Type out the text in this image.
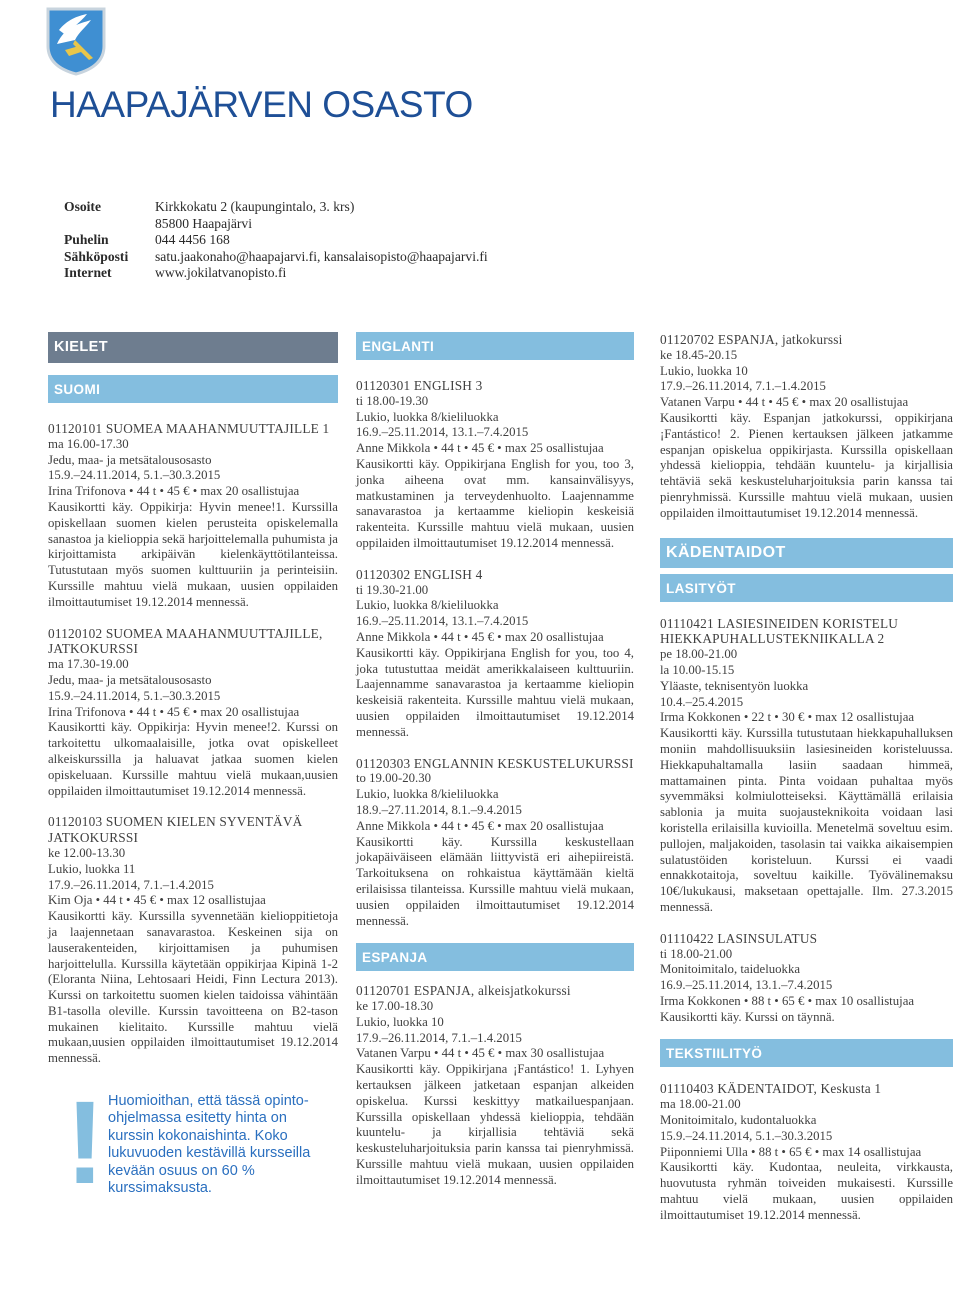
HAAPAJÄRVEN OSASTO
Osoite	Kirkkokatu 2 (kaupungintalo, 3. krs)
85800 Haapajärvi
Puhelin	044 4456 168
Sähköposti	satu.jaakonaho@haapajarvi.fi, kansalaisopisto@haapajarvi.fi
Internet	www.jokilatvanopisto.fi
KIELET
SUOMI

01120101 SUOMEA MAAHANMUUTTAJILLE 1

ma 16.00-17.30

Jedu, maa- ja metsätalousosasto

15.9.–24.11.2014, 5.1.–30.3.2015

Irina Trifonova • 44 t • 45 € • max 20 osallistujaa

Kausikortti käy. Oppikirja: Hyvin menee!1. Kurssilla opiskellaan suomen kielen perusteita opiskelemalla sanastoa ja kielioppia sekä harjoittelemalla puhumista ja kirjoittamista arkipäivän kielenkäyttötilanteissa. Tutustutaan myös suomen kulttuuriin ja perinteisiin. Kurssille mahtuu vielä mukaan, uusien oppilaiden ilmoittautumiset 19.12.2014 mennessä.

01120102 SUOMEA MAAHANMUUTTAJILLE, JATKOKURSSI

ma 17.30-19.00

Jedu, maa- ja metsätalousosasto

15.9.–24.11.2014, 5.1.–30.3.2015

Irina Trifonova • 44 t • 45 € • max 20 osallistujaa

Kausikortti käy. Oppikirja: Hyvin menee!2. Kurssi on tarkoitettu ulkomaalaisille, jotka ovat opiskelleet alkeiskurssilla ja haluavat jatkaa suomen kielen opiskeluaan. Kurssille mahtuu vielä mukaan,uusien oppilaiden ilmoittautumiset 19.12.2014 mennessä.

01120103 SUOMEN KIELEN SYVENTÄVÄ JATKOKURSSI

ke 12.00-13.30

Lukio, luokka 11

17.9.–26.11.2014, 7.1.–1.4.2015

Kim Oja • 44 t • 45 € • max 12 osallistujaa

Kausikortti käy. Kurssilla syvennetään kielioppitietoja ja laajennetaan sanavarastoa. Keskeinen sija on lauserakenteiden, kirjoittamisen ja puhumisen harjoittelulla. Kurssilla käytetään oppikirjaa Kipinä 1-2 (Eloranta Niina, Lehtosaari Heidi, Finn Lectura 2013). Kurssi on tarkoitettu suomen kielen taidoissa vähintään B1-tasolla oleville. Kurssin tavoitteena on B2-tason mukainen kielitaito. Kurssille mahtuu vielä mukaan,uusien oppilaiden ilmoittautumiset 19.12.2014 mennessä.

! Huomioithan, että tässä opinto-ohjelmassa esitetty hinta on kurssin kokonaishinta. Koko lukuvuoden kestävillä kursseilla kevään osuus on 60 % kurssimaksusta.
ENGLANTI

01120301 ENGLISH 3

ti 18.00-19.30

Lukio, luokka 8/kieliluokka

16.9.–25.11.2014, 13.1.–7.4.2015

Anne Mikkola • 44 t • 45 € • max 25 osallistujaa

Kausikortti käy. Oppikirjana English for you, too 3, jonka aiheena ovat mm. kansainvälisyys, matkustaminen ja terveydenhuolto. Laajennamme sanavarastoa ja kertaamme kieliopin keskeisiä rakenteita. Kurssille mahtuu vielä mukaan, uusien oppilaiden ilmoittautumiset 19.12.2014 mennessä.

01120302 ENGLISH 4

ti 19.30-21.00

Lukio, luokka 8/kieliluokka

16.9.–25.11.2014, 13.1.–7.4.2015

Anne Mikkola • 44 t • 45 € • max 20 osallistujaa

Kausikortti käy. Oppikirjana English for you, too 4, joka tutustuttaa meidät amerikkalaiseen kulttuuriin. Laajennamme sanavarastoa ja kertaamme kieliopin keskeisiä rakenteita. Kurssille mahtuu vielä mukaan, uusien oppilaiden ilmoittautumiset 19.12.2014 mennessä.

01120303 ENGLANNIN KESKUSTELUKURSSI

to 19.00-20.30

Lukio, luokka 8/kieliluokka

18.9.–27.11.2014, 8.1.–9.4.2015

Anne Mikkola • 44 t • 45 € • max 20 osallistujaa

Kausikortti käy. Kurssilla keskustellaan jokapäiväiseen elämään liittyvistä eri aihepiireistä. Tarkoituksena on rohkaistua käyttämään kieltä erilaisissa tilanteissa. Kurssille mahtuu vielä mukaan, uusien oppilaiden ilmoittautumiset 19.12.2014 mennessä.

ESPANJA

01120701 ESPANJA, alkeisjatkokurssi

ke 17.00-18.30

Lukio, luokka 10

17.9.–26.11.2014, 7.1.–1.4.2015

Vatanen Varpu • 44 t • 45 € • max 30 osallistujaa

Kausikortti käy. Oppikirjana ¡Fantástico! 1. Lyhyen kertauksen jälkeen jatketaan espanjan alkeiden opiskelua. Kurssi keskittyy matkailuespanjaan. Kurssilla opiskellaan yhdessä kielioppia, tehdään kuuntelu- ja kirjallisia tehtäviä sekä keskusteluharjoituksia parin kanssa tai pienryhmissä. Kurssille mahtuu vielä mukaan, uusien oppilaiden ilmoittautumiset 19.12.2014 mennessä.

01120702 ESPANJA, jatkokurssi

ke 18.45-20.15

Lukio, luokka 10

17.9.–26.11.2014, 7.1.–1.4.2015

Vatanen Varpu • 44 t • 45 € • max 20 osallistujaa

Kausikortti käy. Espanjan jatkokurssi, oppikirjana ¡Fantástico! 2. Pienen kertauksen jälkeen jatkamme espanjan opiskelua oppikirjasta. Kurssilla opiskellaan yhdessä kielioppia, tehdään kuuntelu- ja kirjallisia tehtäviä sekä keskusteluharjoituksia parin kanssa tai pienryhmissä. Kurssille mahtuu vielä mukaan, uusien oppilaiden ilmoittautumiset 19.12.2014 mennessä.

KÄDENTAIDOT
LASITYÖT

01110421 LASIESINEIDEN KORISTELU HIEKKAPUHALLUSTEKNIIKALLA 2

pe 18.00-21.00

la 10.00-15.15

Yläaste, teknisentyön luokka

10.4.–25.4.2015

Irma Kokkonen • 22 t • 30 € • max 12 osallistujaa

Kausikortti käy. Kurssilla tutustutaan hiekkapuhalluksen moniin mahdollisuuksiin lasiesineiden koristeluussa. Hiekkapuhaltamalla lasiin saadaan himmeä, mattamainen pinta. Pinta voidaan puhaltaa myös syvemmäksi kolmiulotteiseksi. Käyttämällä erilaisia sablonia ja muita suojausteknikoita voidaan lasi koristella erilaisilla kuvioilla. Menetelmä soveltuu esim. pullojen, maljakoiden, tasolasin tai vaikka aikaisempien sulatustöiden koristeluun. Kurssi ei vaadi ennakkotaitoja, soveltuu kaikille. Työvälinemaksu 10€/lukukausi, maksetaan opettajalle. Ilm. 27.3.2015 mennessä.

01110422 LASINSULATUS

ti 18.00-21.00

Monitoimitalo, taideluokka

16.9.–25.11.2014, 13.1.–7.4.2015

Irma Kokkonen • 88 t • 65 € • max 10 osallistujaa

Kausikortti käy. Kurssi on täynnä.

TEKSTIILITYÖ

01110403 KÄDENTAIDOT, Keskusta 1

ma 18.00-21.00

Monitoimitalo, kudontaluokka

15.9.–24.11.2014, 5.1.–30.3.2015

Piiponniemi Ulla • 88 t • 65 € • max 14 osallistujaa

Kausikortti käy. Kudontaa, neuleita, virkkausta, huovutusta ryhmän toiveiden mukaisesti. Kurssille mahtuu vielä mukaan, uusien oppilaiden ilmoittautumiset 19.12.2014 mennessä.
